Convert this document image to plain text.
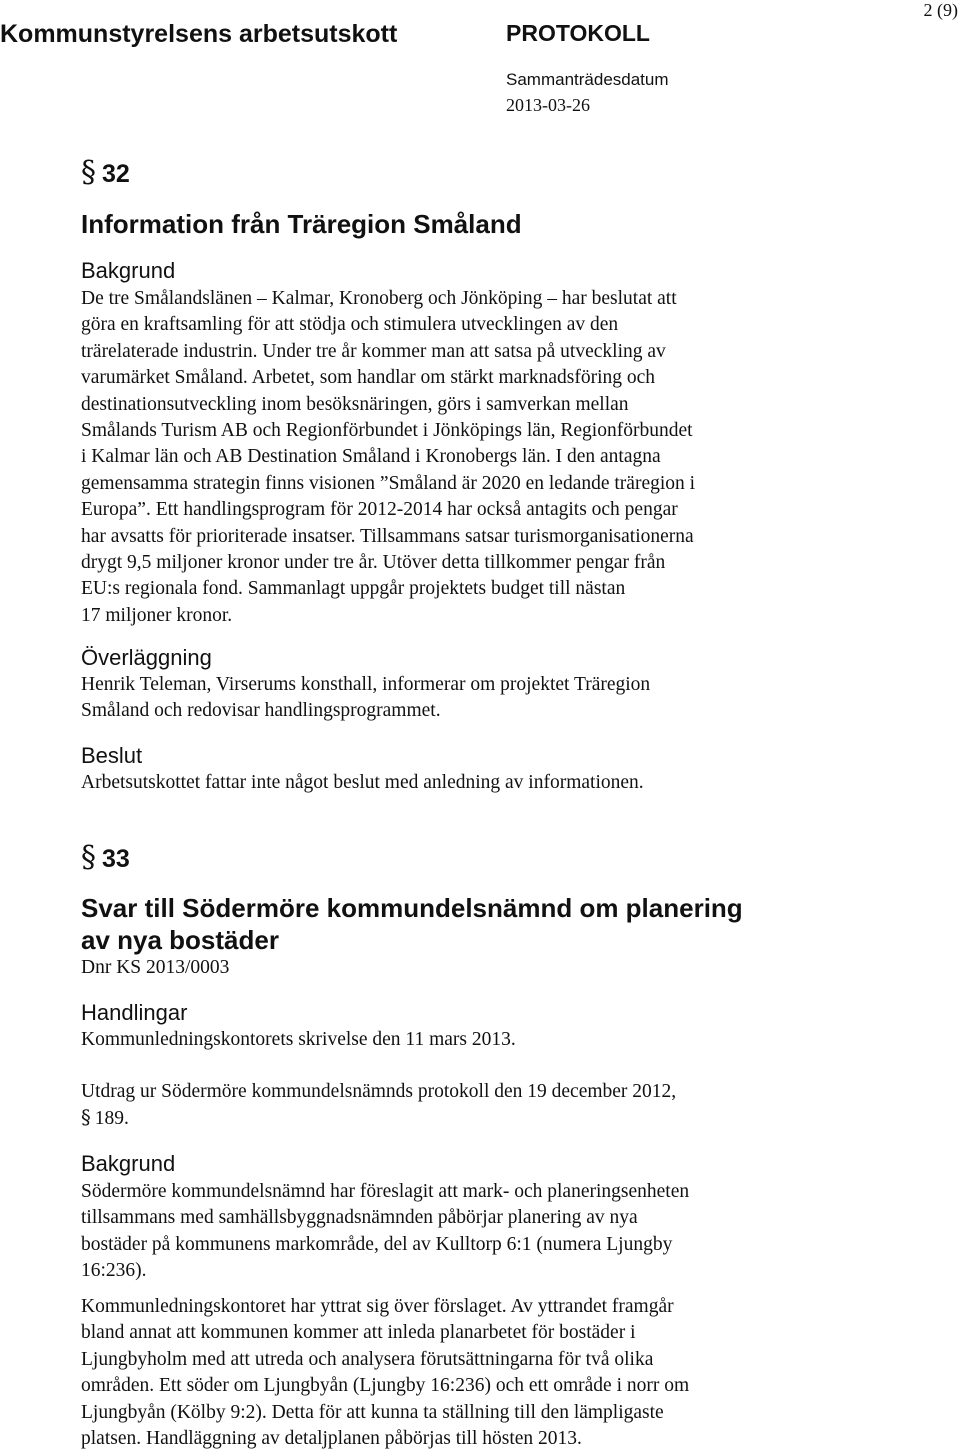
Kommunstyrelsens arbetsutskott	PROTOKOLL
Sammanträdesdatum
2013-03-26
2 (9)
§ 32
Information från Träregion Småland
Bakgrund

De tre Smålandslänen – Kalmar, Kronoberg och Jönköping – har beslutat att
göra en kraftsamling för att stödja och stimulera utvecklingen av den
trärelaterade industrin. Under tre år kommer man att satsa på utveckling av
varumärket Småland. Arbetet, som handlar om stärkt marknadsföring och
destinationsutveckling inom besöksnäringen, görs i samverkan mellan
Smålands Turism AB och Regionförbundet i Jönköpings län, Regionförbundet
i Kalmar län och AB Destination Småland i Kronobergs län. I den antagna
gemensamma strategin finns visionen ”Småland är 2020 en ledande träregion i
Europa”. Ett handlingsprogram för 2012-2014 har också antagits och pengar
har avsatts för prioriterade insatser. Tillsammans satsar turismorganisationerna
drygt 9,5 miljoner kronor under tre år. Utöver detta tillkommer pengar från
EU:s regionala fond. Sammanlagt uppgår projektets budget till nästan
17 miljoner kronor.

Överläggning

Henrik Teleman, Virserums konsthall, informerar om projektet Träregion
Småland och redovisar handlingsprogrammet.

Beslut

Arbetsutskottet fattar inte något beslut med anledning av informationen.

§ 33
Svar till Södermöre kommundelsnämnd om planering
av nya bostäder

Dnr KS 2013/0003

Handlingar

Kommunledningskontorets skrivelse den 11 mars 2013.

Utdrag ur Södermöre kommundelsnämnds protokoll den 19 december 2012,
§ 189.

Bakgrund

Södermöre kommundelsnämnd har föreslagit att mark- och planeringsenheten
tillsammans med samhällsbyggnadsnämnden påbörjar planering av nya
bostäder på kommunens markområde, del av Kulltorp 6:1 (numera Ljungby
16:236).

Kommunledningskontoret har yttrat sig över förslaget. Av yttrandet framgår
bland annat att kommunen kommer att inleda planarbetet för bostäder i
Ljungbyholm med att utreda och analysera förutsättningarna för två olika
områden. Ett söder om Ljungbyån (Ljungby 16:236) och ett område i norr om
Ljungbyån (Kölby 9:2). Detta för att kunna ta ställning till den lämpligaste
platsen. Handläggning av detaljplanen påbörjas till hösten 2013.
